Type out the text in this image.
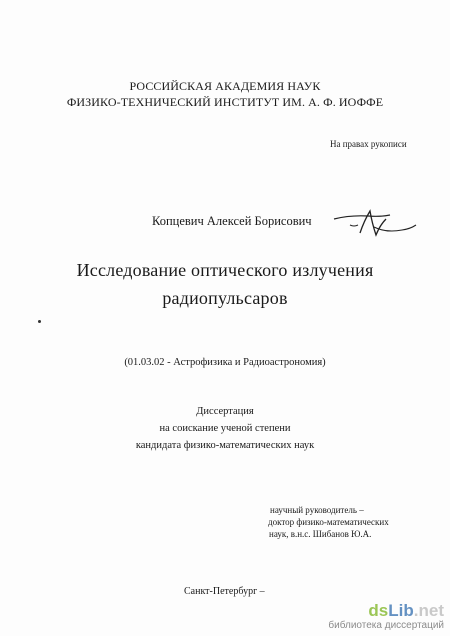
РОССИЙСКАЯ АКАДЕМИЯ НАУК
ФИЗИКО-ТЕХНИЧЕСКИЙ ИНСТИТУТ ИМ. А. Ф. ИОФФЕ
На правах рукописи
Копцевич Алексей Борисович
Исследование оптического излучения
радиопульсаров
(01.03.02 - Астрофизика и Радиоастрономия)
Диссертация
на соискание ученой степени
кандидата физико-математических наук
научный руководитель –
доктор физико-математических
наук, в.н.с. Шибанов Ю.А.
Санкт-Петербург –
dsLib.net
библиотека диссертаций
